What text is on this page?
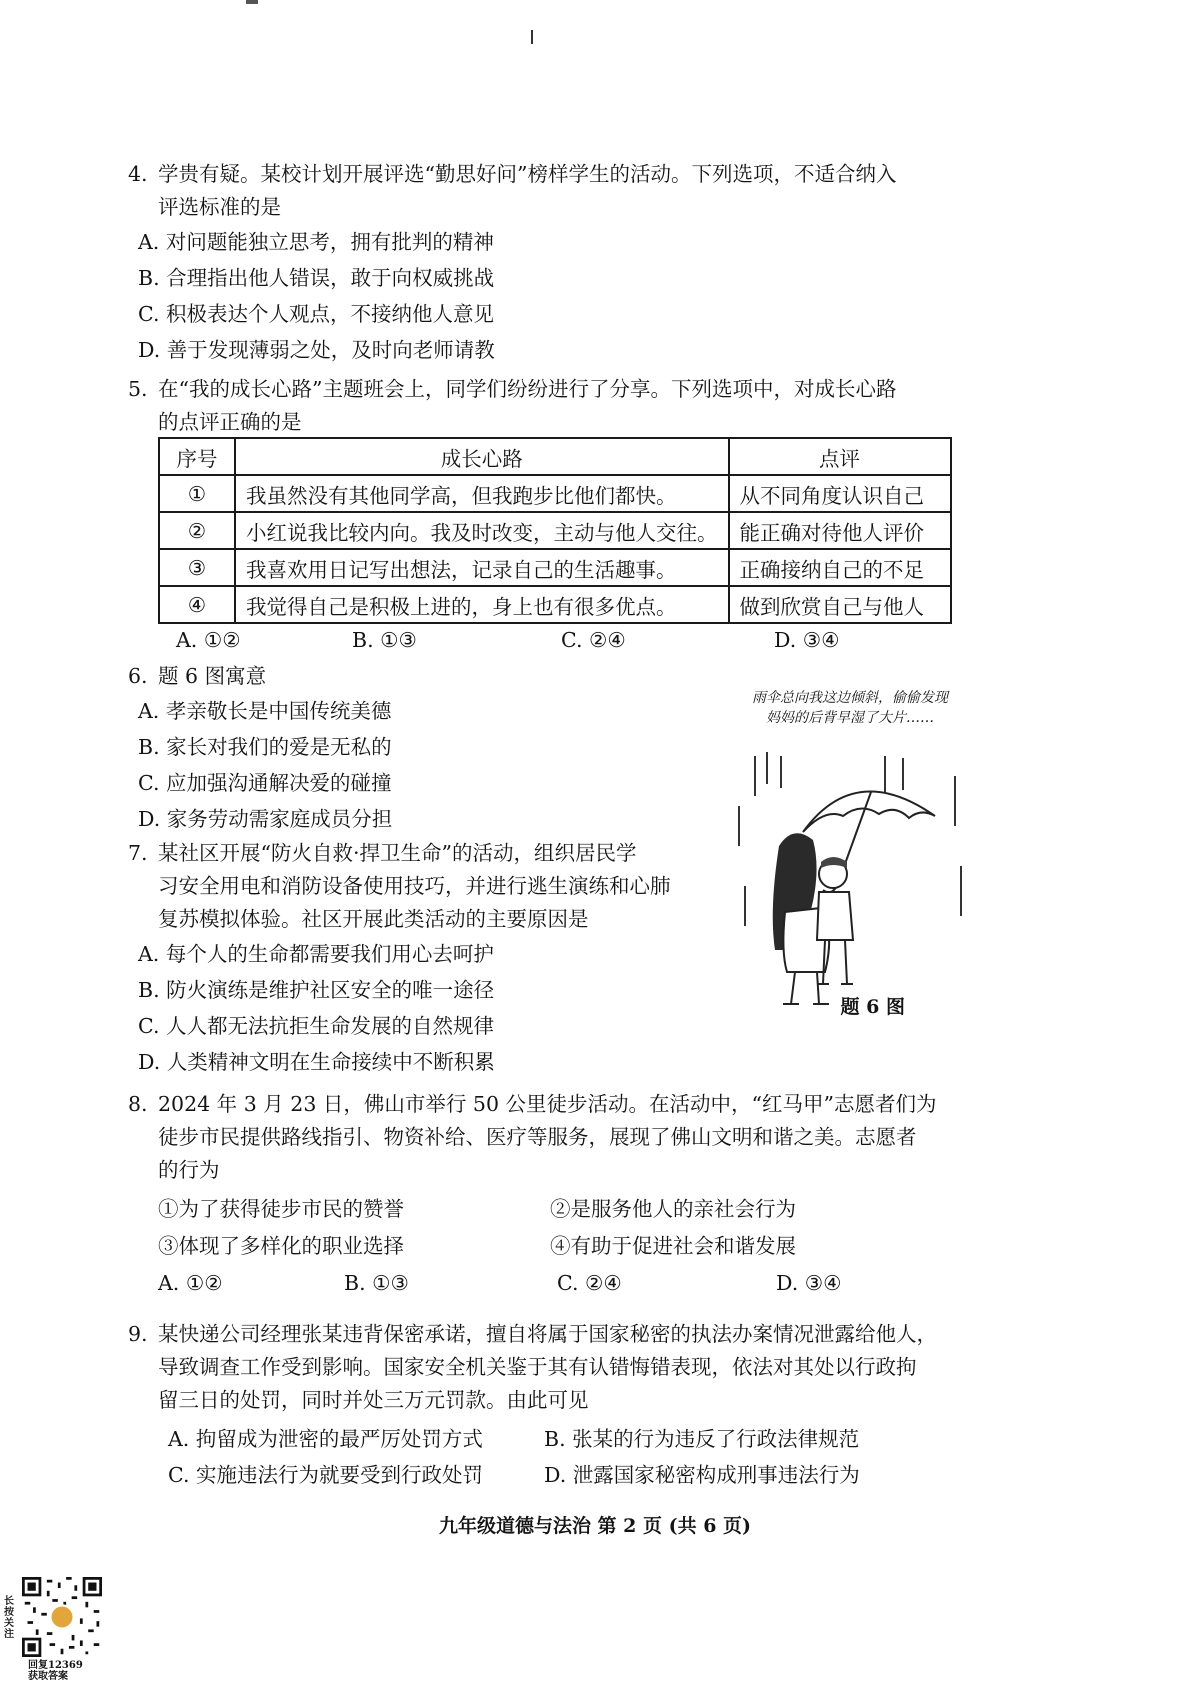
4. 学贵有疑。某校计划开展评选“勤思好问”榜样学生的活动。下列选项，不适合纳入
评选标准的是
A. 对问题能独立思考，拥有批判的精神
B. 合理指出他人错误，敢于向权威挑战
C. 积极表达个人观点，不接纳他人意见
D. 善于发现薄弱之处，及时向老师请教
5. 在“我的成长心路”主题班会上，同学们纷纷进行了分享。下列选项中，对成长心路
的点评正确的是
序号	成长心路	点评
①	我虽然没有其他同学高，但我跑步比他们都快。	从不同角度认识自己
②	小红说我比较内向。我及时改变，主动与他人交往。	能正确对待他人评价
③	我喜欢用日记写出想法，记录自己的生活趣事。	正确接纳自己的不足
④	我觉得自己是积极上进的，身上也有很多优点。	做到欣赏自己与他人
A. ①②	B. ①③	C. ②④	D. ③④
6. 题 6 图寓意
A. 孝亲敬长是中国传统美德
B. 家长对我们的爱是无私的
C. 应加强沟通解决爱的碰撞
D. 家务劳动需家庭成员分担
雨伞总向我这边倾斜，偷偷发现
妈妈的后背早湿了大片……
题 6 图
7. 某社区开展“防火自救·捍卫生命”的活动，组织居民学
习安全用电和消防设备使用技巧，并进行逃生演练和心肺
复苏模拟体验。社区开展此类活动的主要原因是
A. 每个人的生命都需要我们用心去呵护
B. 防火演练是维护社区安全的唯一途径
C. 人人都无法抗拒生命发展的自然规律
D. 人类精神文明在生命接续中不断积累
8. 2024 年 3 月 23 日，佛山市举行 50 公里徒步活动。在活动中，“红马甲”志愿者们为
徒步市民提供路线指引、物资补给、医疗等服务，展现了佛山文明和谐之美。志愿者
的行为
①为了获得徒步市民的赞誉	②是服务他人的亲社会行为
③体现了多样化的职业选择	④有助于促进社会和谐发展
A. ①②	B. ①③	C. ②④	D. ③④
9. 某快递公司经理张某违背保密承诺，擅自将属于国家秘密的执法办案情况泄露给他人，
导致调查工作受到影响。国家安全机关鉴于其有认错悔错表现，依法对其处以行政拘
留三日的处罚，同时并处三万元罚款。由此可见
A. 拘留成为泄密的最严厉处罚方式	B. 张某的行为违反了行政法律规范
C. 实施违法行为就要受到行政处罚	D. 泄露国家秘密构成刑事违法行为
九年级道德与法治 第 2 页 (共 6 页)
长按关注
回复12369
获取答案
